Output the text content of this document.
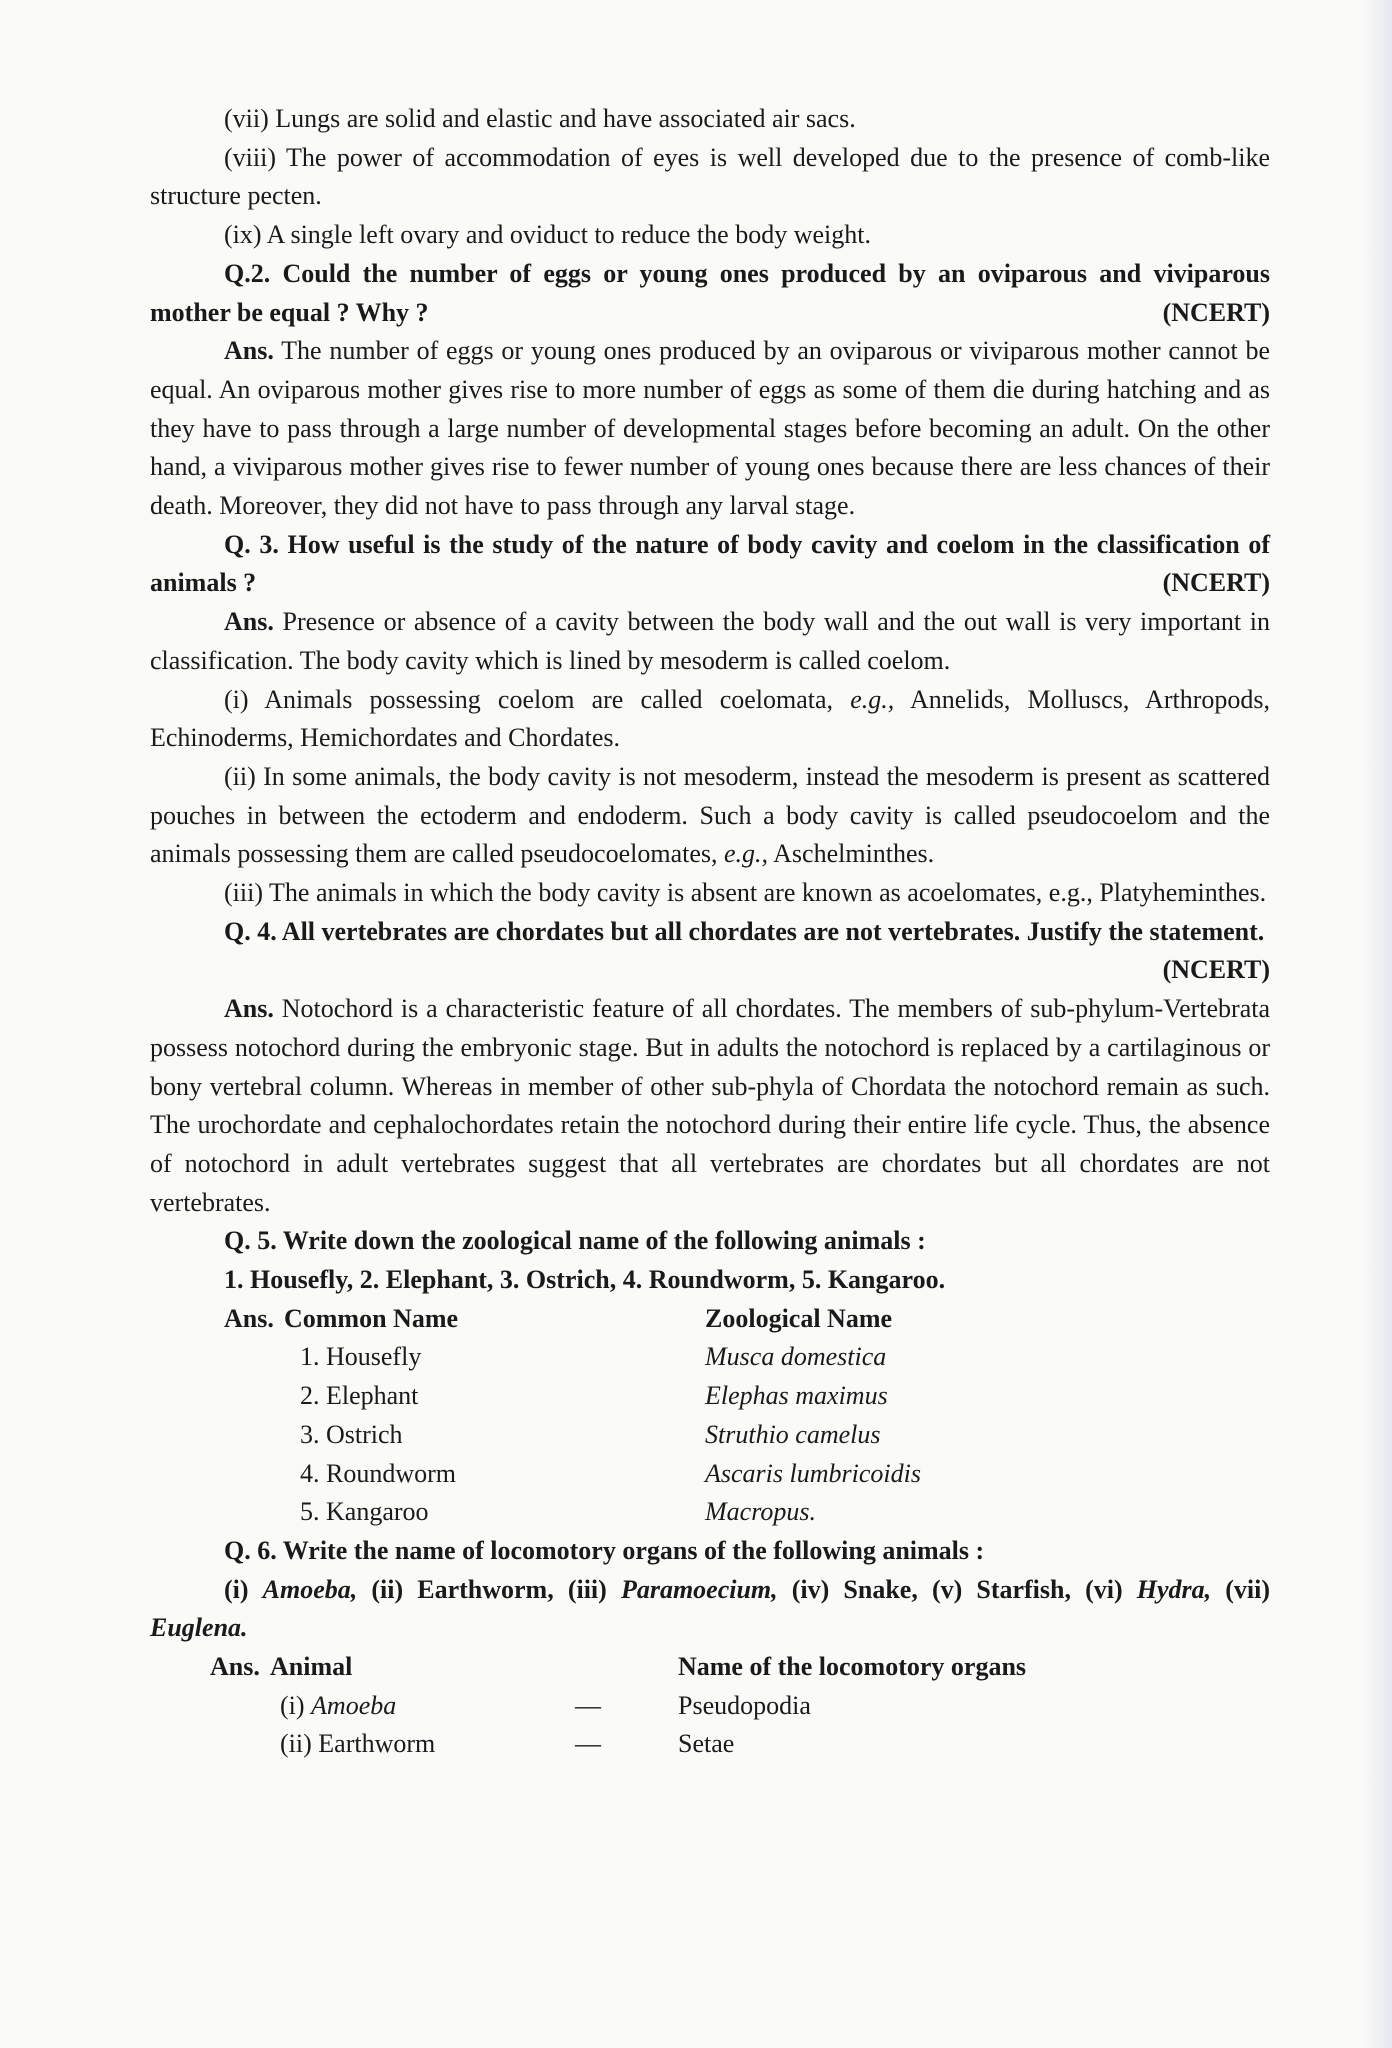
(vii) Lungs are solid and elastic and have associated air sacs.

(viii) The power of accommodation of eyes is well developed due to the presence of comb-like structure pecten.

(ix) A single left ovary and oviduct to reduce the body weight.

Q.2. Could the number of eggs or young ones produced by an oviparous and viviparous mother be equal ? Why ?	(NCERT)

Ans. The number of eggs or young ones produced by an oviparous or viviparous mother cannot be equal. An oviparous mother gives rise to more number of eggs as some of them die during hatching and as they have to pass through a large number of developmental stages before becoming an adult. On the other hand, a viviparous mother gives rise to fewer number of young ones because there are less chances of their death. Moreover, they did not have to pass through any larval stage.

Q. 3. How useful is the study of the nature of body cavity and coelom in the classification of animals ?	(NCERT)

Ans. Presence or absence of a cavity between the body wall and the out wall is very important in classification. The body cavity which is lined by mesoderm is called coelom.

(i) Animals possessing coelom are called coelomata, e.g., Annelids, Molluscs, Arthropods, Echinoderms, Hemichordates and Chordates.

(ii) In some animals, the body cavity is not mesoderm, instead the mesoderm is present as scattered pouches in between the ectoderm and endoderm. Such a body cavity is called pseudocoelom and the animals possessing them are called pseudocoelomates, e.g., Aschelminthes.

(iii) The animals in which the body cavity is absent are known as acoelomates, e.g., Platyheminthes.

Q. 4. All vertebrates are chordates but all chordates are not vertebrates. Justify the statement.
(NCERT)

Ans. Notochord is a characteristic feature of all chordates. The members of sub-phylum-Vertebrata possess notochord during the embryonic stage. But in adults the notochord is replaced by a cartilaginous or bony vertebral column. Whereas in member of other sub-phyla of Chordata the notochord remain as such. The urochordate and cephalochordates retain the notochord during their entire life cycle. Thus, the absence of notochord in adult vertebrates suggest that all vertebrates are chordates but all chordates are not vertebrates.

Q. 5. Write down the zoological name of the following animals :

1. Housefly, 2. Elephant, 3. Ostrich, 4. Roundworm, 5. Kangaroo.

Ans. Common Name	Zoological Name
1. Housefly	Musca domestica
2. Elephant	Elephas maximus
3. Ostrich	Struthio camelus
4. Roundworm	Ascaris lumbricoidis
5. Kangaroo	Macropus.

Q. 6. Write the name of locomotory organs of the following animals :

(i) Amoeba, (ii) Earthworm, (iii) Paramoecium, (iv) Snake, (v) Starfish, (vi) Hydra, (vii) Euglena.

Ans. Animal	Name of the locomotory organs
(i) Amoeba	—	Pseudopodia
(ii) Earthworm	—	Setae
